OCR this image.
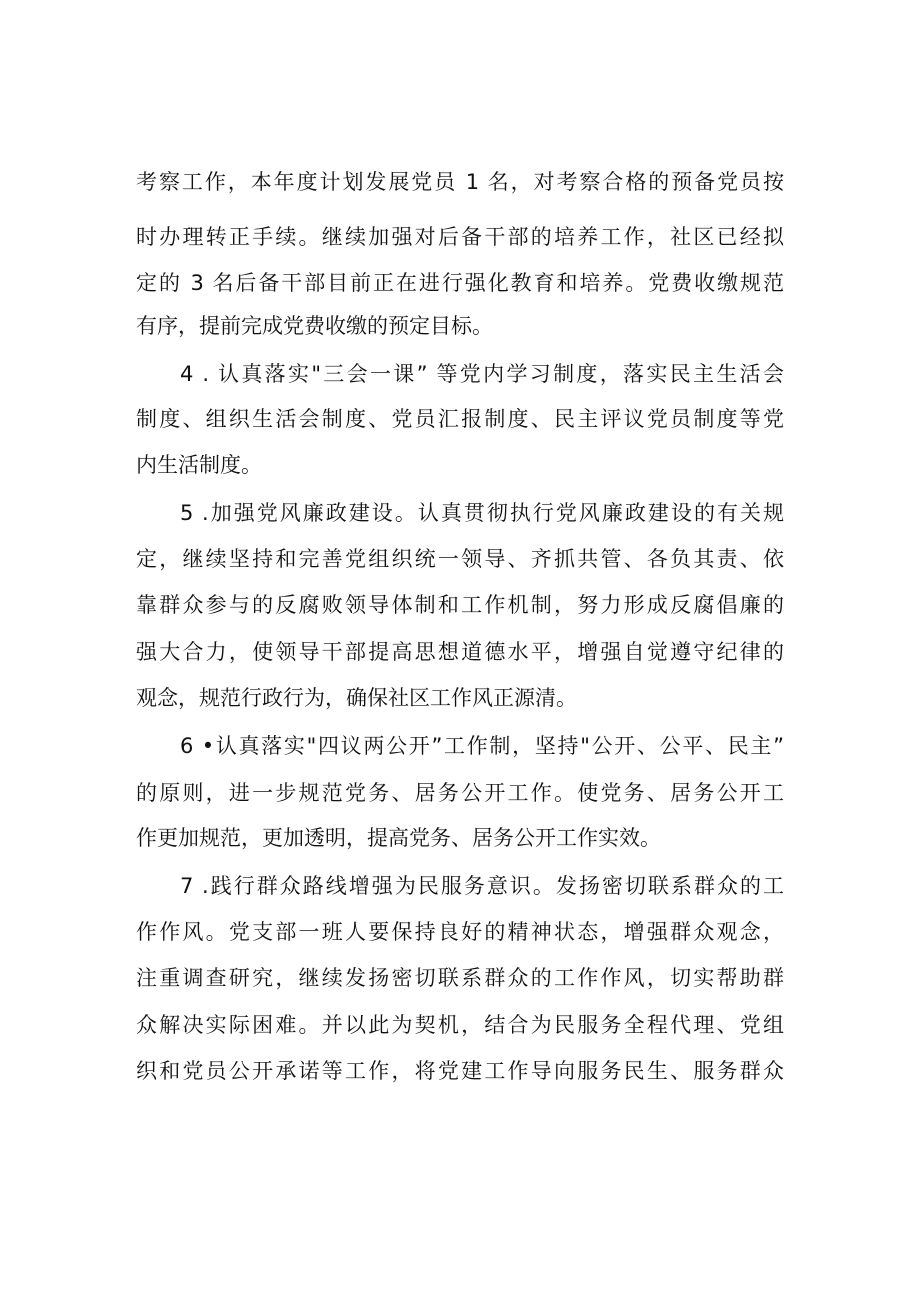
考察工作，本年度计划发展党员 1 名，对考察合格的预备党员按
时办理转正手续。继续加强对后备干部的培养工作，社区已经拟
定的 3 名后备干部目前正在进行强化教育和培养。党费收缴规范
有序，提前完成党费收缴的预定目标。
4 . 认真落实"三会一课” 等党内学习制度，落实民主生活会
制度、组织生活会制度、党员汇报制度、民主评议党员制度等党
内生活制度。
5 .加强党风廉政建设。认真贯彻执行党风廉政建设的有关规
定，继续坚持和完善党组织统一领导、齐抓共管、各负其责、依
靠群众参与的反腐败领导体制和工作机制，努力形成反腐倡廉的
强大合力，使领导干部提高思想道德水平，增强自觉遵守纪律的
观念，规范行政行为，确保社区工作风正源清。
6 •认真落实"四议两公开”工作制，坚持"公开、公平、民主”
的原则，进一步规范党务、居务公开工作。使党务、居务公开工
作更加规范，更加透明，提高党务、居务公开工作实效。
7 .践行群众路线增强为民服务意识。发扬密切联系群众的工
作作风。党支部一班人要保持良好的精神状态，增强群众观念，
注重调查研究，继续发扬密切联系群众的工作作风，切实帮助群
众解决实际困难。并以此为契机，结合为民服务全程代理、党组
织和党员公开承诺等工作，将党建工作导向服务民生、服务群众
